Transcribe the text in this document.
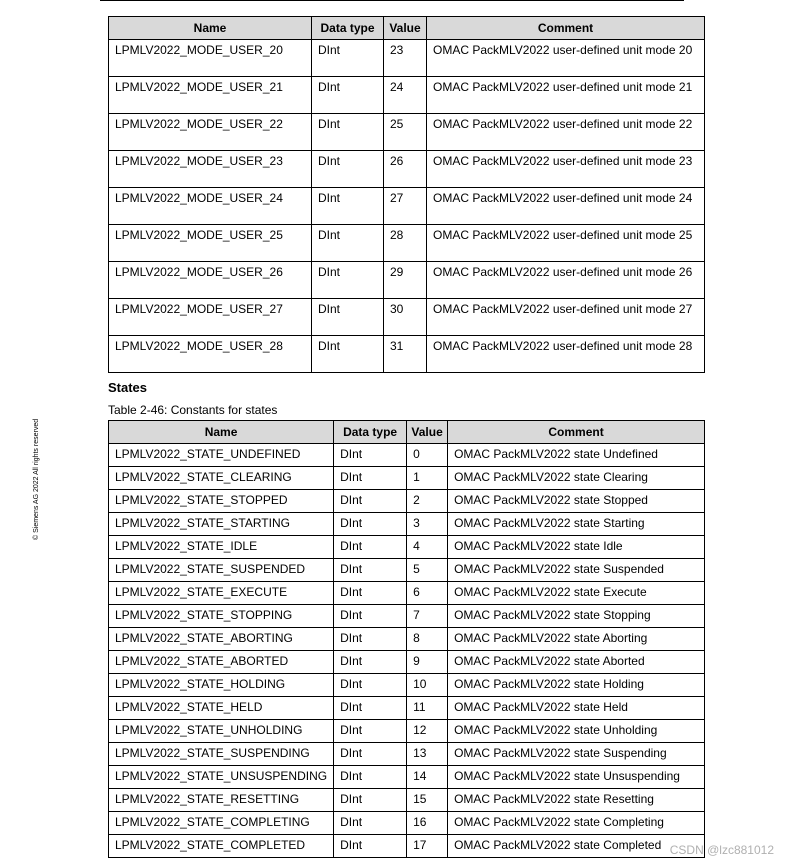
© Siemens AG 2022 All rights reserved
Name	Data type	Value	Comment
LPMLV2022_MODE_USER_20	DInt	23	OMAC PackMLV2022 user-defined unit mode 20
LPMLV2022_MODE_USER_21	DInt	24	OMAC PackMLV2022 user-defined unit mode 21
LPMLV2022_MODE_USER_22	DInt	25	OMAC PackMLV2022 user-defined unit mode 22
LPMLV2022_MODE_USER_23	DInt	26	OMAC PackMLV2022 user-defined unit mode 23
LPMLV2022_MODE_USER_24	DInt	27	OMAC PackMLV2022 user-defined unit mode 24
LPMLV2022_MODE_USER_25	DInt	28	OMAC PackMLV2022 user-defined unit mode 25
LPMLV2022_MODE_USER_26	DInt	29	OMAC PackMLV2022 user-defined unit mode 26
LPMLV2022_MODE_USER_27	DInt	30	OMAC PackMLV2022 user-defined unit mode 27
LPMLV2022_MODE_USER_28	DInt	31	OMAC PackMLV2022 user-defined unit mode 28
States
Table 2-46: Constants for states
Name	Data type	Value	Comment
LPMLV2022_STATE_UNDEFINED	DInt	0	OMAC PackMLV2022 state Undefined
LPMLV2022_STATE_CLEARING	DInt	1	OMAC PackMLV2022 state Clearing
LPMLV2022_STATE_STOPPED	DInt	2	OMAC PackMLV2022 state Stopped
LPMLV2022_STATE_STARTING	DInt	3	OMAC PackMLV2022 state Starting
LPMLV2022_STATE_IDLE	DInt	4	OMAC PackMLV2022 state Idle
LPMLV2022_STATE_SUSPENDED	DInt	5	OMAC PackMLV2022 state Suspended
LPMLV2022_STATE_EXECUTE	DInt	6	OMAC PackMLV2022 state Execute
LPMLV2022_STATE_STOPPING	DInt	7	OMAC PackMLV2022 state Stopping
LPMLV2022_STATE_ABORTING	DInt	8	OMAC PackMLV2022 state Aborting
LPMLV2022_STATE_ABORTED	DInt	9	OMAC PackMLV2022 state Aborted
LPMLV2022_STATE_HOLDING	DInt	10	OMAC PackMLV2022 state Holding
LPMLV2022_STATE_HELD	DInt	11	OMAC PackMLV2022 state Held
LPMLV2022_STATE_UNHOLDING	DInt	12	OMAC PackMLV2022 state Unholding
LPMLV2022_STATE_SUSPENDING	DInt	13	OMAC PackMLV2022 state Suspending
LPMLV2022_STATE_UNSUSPENDING	DInt	14	OMAC PackMLV2022 state Unsuspending
LPMLV2022_STATE_RESETTING	DInt	15	OMAC PackMLV2022 state Resetting
LPMLV2022_STATE_COMPLETING	DInt	16	OMAC PackMLV2022 state Completing
LPMLV2022_STATE_COMPLETED	DInt	17	OMAC PackMLV2022 state Completed CSDN @lzc881012
